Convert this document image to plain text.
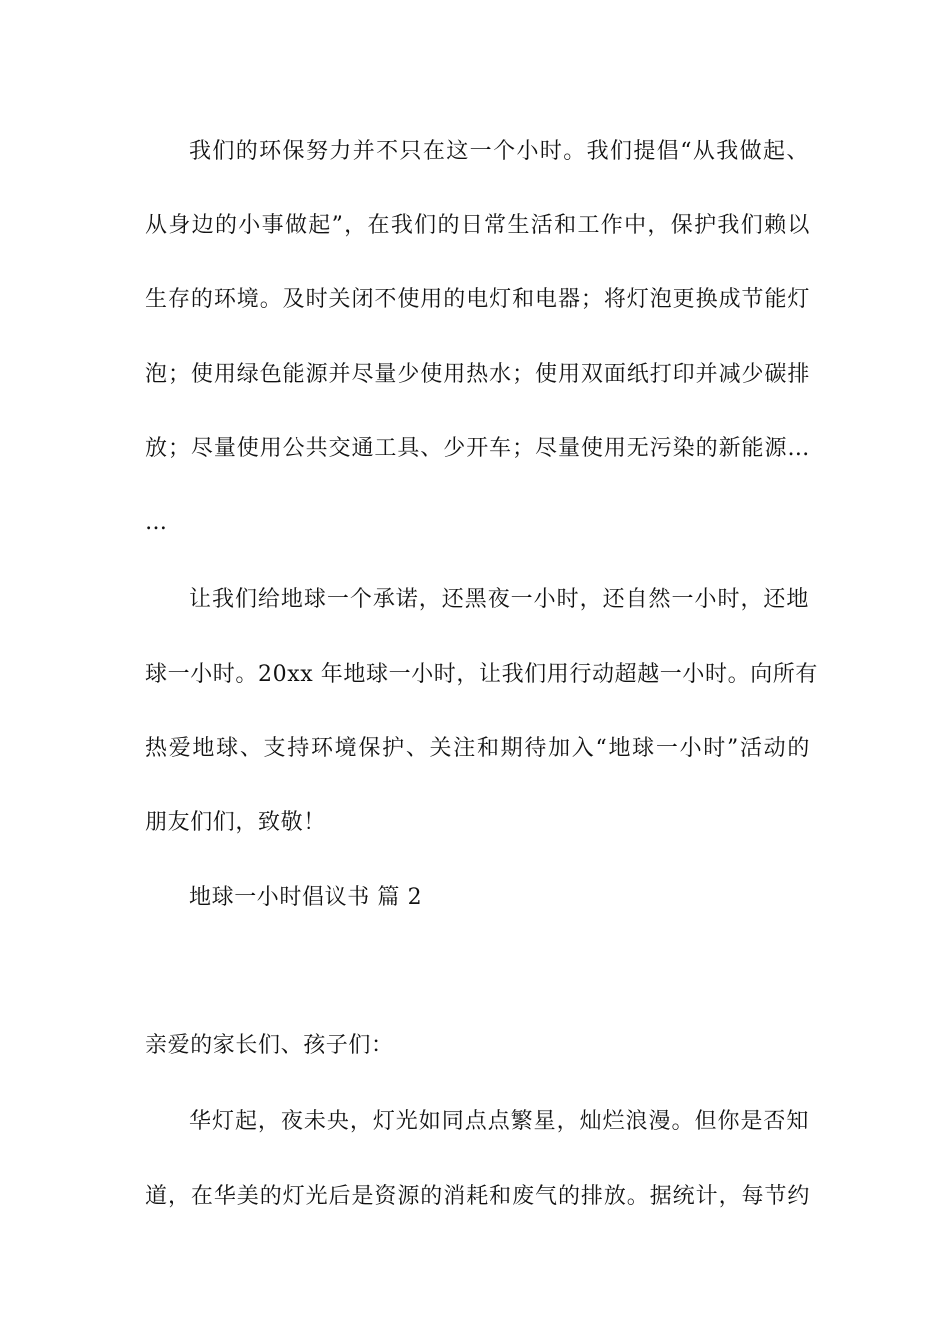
我们的环保努力并不只在这一个小时。我们提倡“从我做起、
从身边的小事做起”，在我们的日常生活和工作中，保护我们赖以
生存的环境。及时关闭不使用的电灯和电器；将灯泡更换成节能灯
泡；使用绿色能源并尽量少使用热水；使用双面纸打印并减少碳排
放；尽量使用公共交通工具、少开车；尽量使用无污染的新能源…
…
让我们给地球一个承诺，还黑夜一小时，还自然一小时，还地
球一小时。20xx 年地球一小时，让我们用行动超越一小时。向所有
热爱地球、支持环境保护、关注和期待加入“地球一小时”活动的
朋友们们，致敬！
地球一小时倡议书 篇 2
亲爱的家长们、孩子们：
华灯起，夜未央，灯光如同点点繁星，灿烂浪漫。但你是否知
道，在华美的灯光后是资源的消耗和废气的排放。据统计，每节约
